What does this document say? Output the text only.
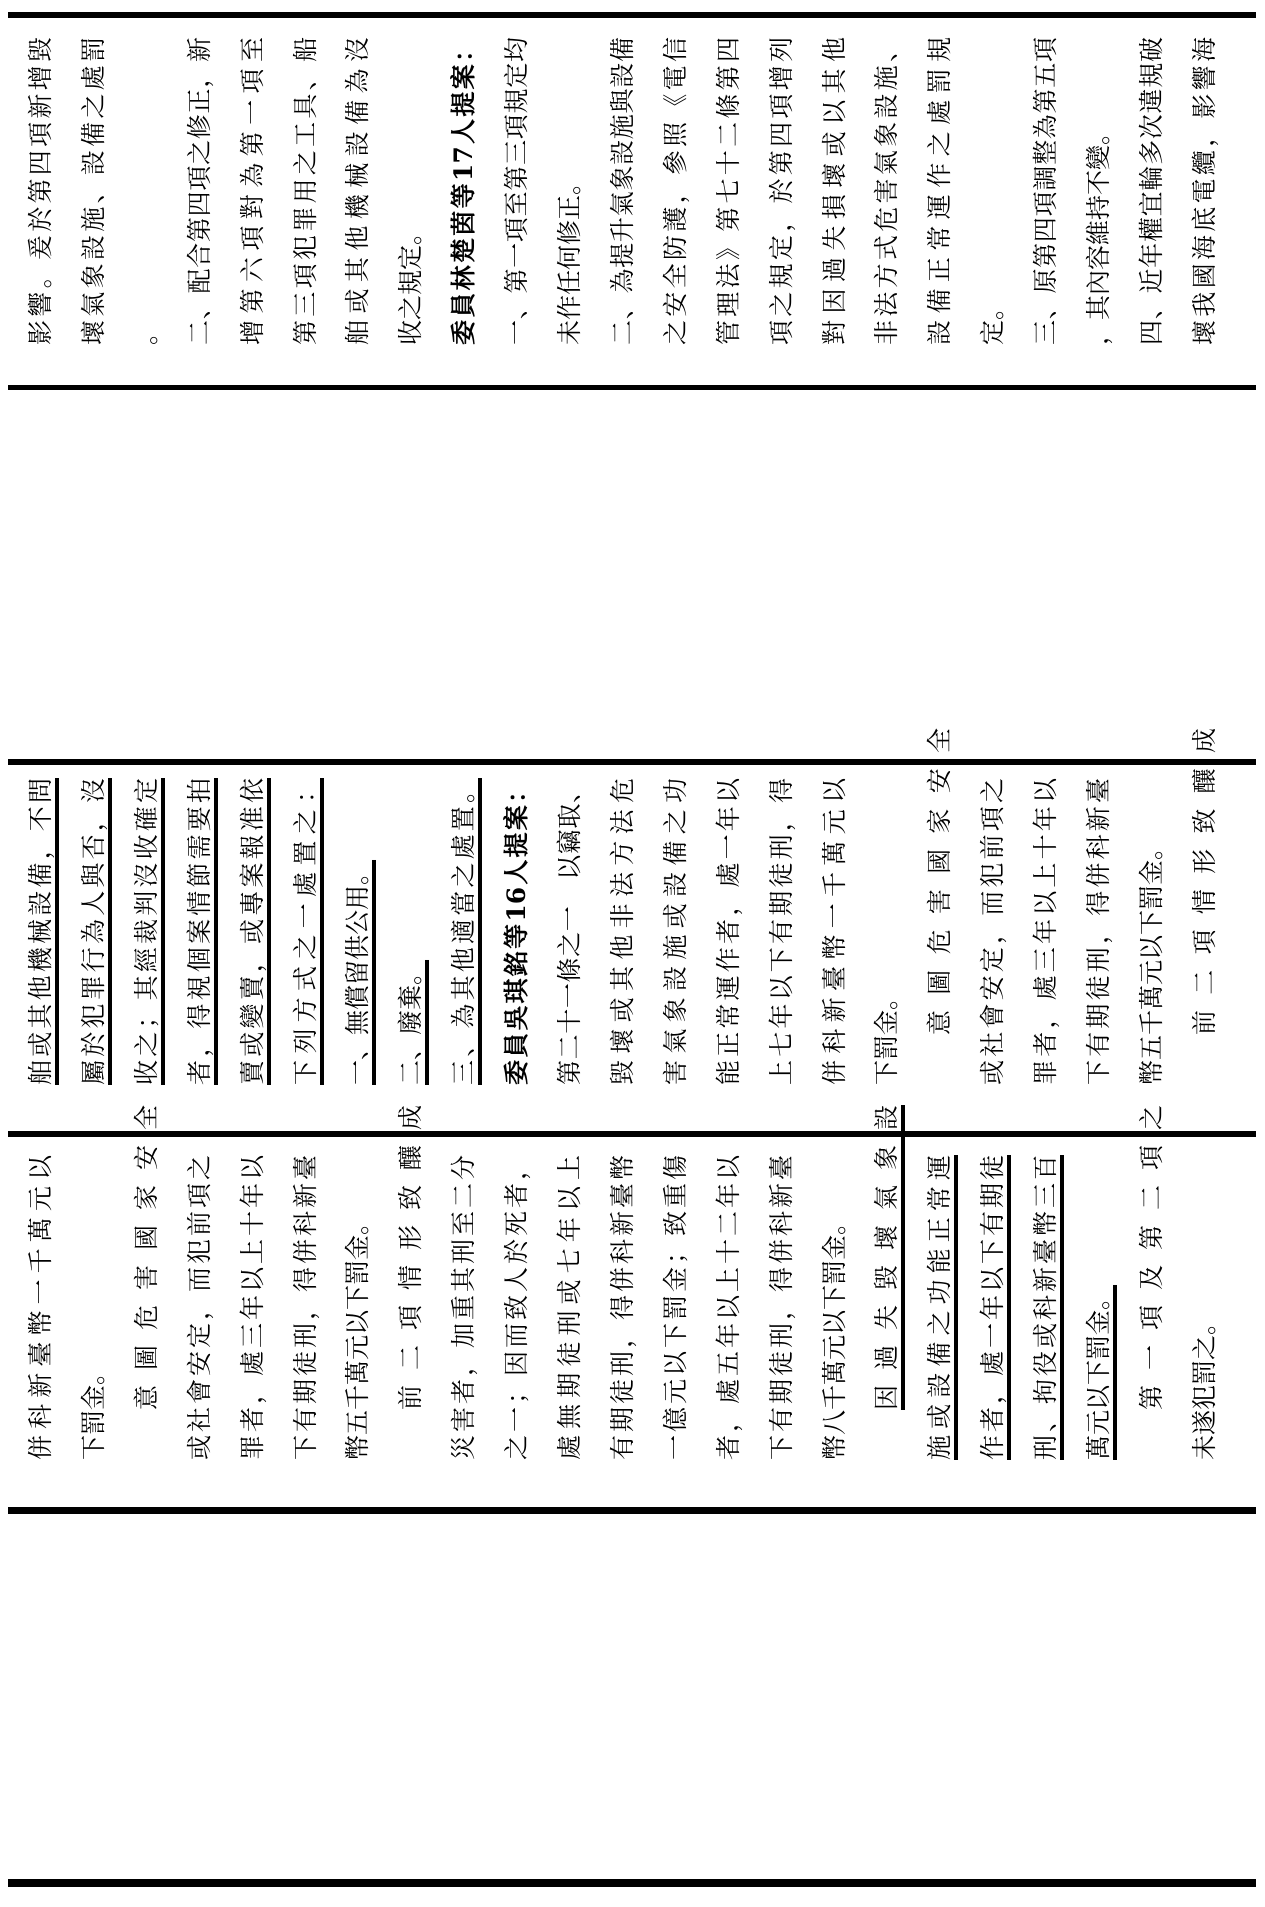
影響。爰於第四項新增毀 壞氣象設施、設備之處罰 。 二、配合第四項之修正，新 增第六項對為第一項至 第三項犯罪用之工具、船 舶或其他機械設備為沒 收之規定。 委員林楚茵等17人提案： 一、第一項至第三項規定均 未作任何修正。 二、為提升氣象設施與設備 之安全防護，參照《電信 管理法》第七十二條第四 項之規定，於第四項增列 對因過失損壞或以其他 非法方式危害氣象設施、 設備正常運作之處罰規 定。 三、原第四項調整為第五項 ，其內容維持不變。 四、近年權宜輪多次違規破 壞我國海底電纜，影響海
舶或其他機械設備，不問 屬於犯罪行為人與否，沒 收之；其經裁判沒收確定 者，得視個案情節需要拍 賣或變賣，或專案報准依 下列方式之一處置之： 一、無償留供公用。 二、廢棄。 三、為其他適當之處置。 委員吳琪銘等16人提案： 第二十一條之一　以竊取、 毀壞或其他非法方法危 害氣象設施或設備之功 能正常運作者，處一年以 上七年以下有期徒刑，得 併科新臺幣一千萬元以 下罰金。 意圖危害國家安全 或社會安定，而犯前項之 罪者，處三年以上十年以 下有期徒刑，得併科新臺 幣五千萬元以下罰金。 前二項情形致釀成
併科新臺幣一千萬元以 下罰金。 意圖危害國家安全 或社會安定，而犯前項之 罪者，處三年以上十年以 下有期徒刑，得併科新臺 幣五千萬元以下罰金。 前二項情形致釀成 災害者，加重其刑至二分 之一；因而致人於死者， 處無期徒刑或七年以上 有期徒刑，得併科新臺幣 一億元以下罰金；致重傷 者，處五年以上十二年以 下有期徒刑，得併科新臺 幣八千萬元以下罰金。 因過失毀壞氣象設 施或設備之功能正常運 作者，處一年以下有期徒 刑、拘役或科新臺幣三百 萬元以下罰金。 第一項及第二項之 未遂犯罰之。
